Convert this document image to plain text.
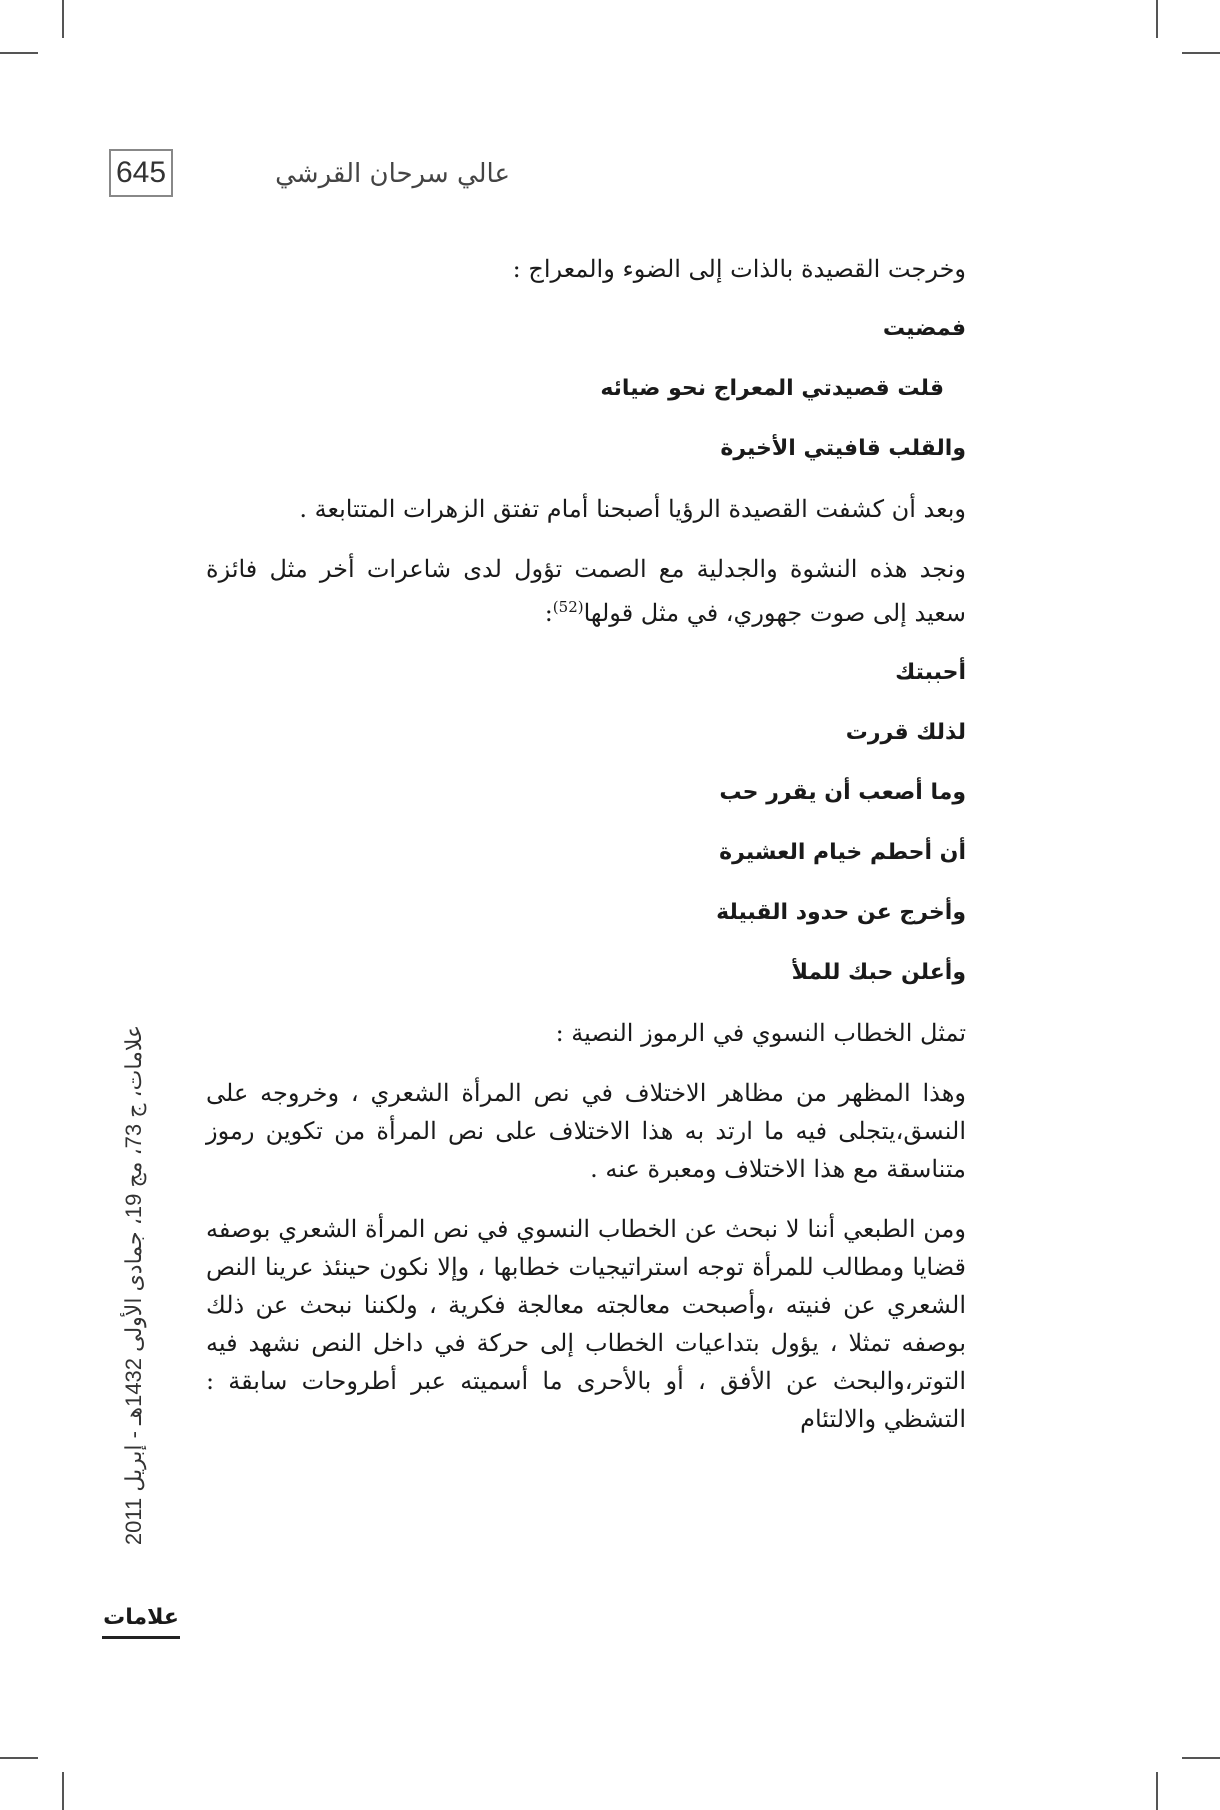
645	عالي سرحان القرشي

وخرجت القصيدة بالذات إلى الضوء والمعراج :

فمضيت

قلت قصيدتي المعراج نحو ضيائه

والقلب قافيتي الأخيرة

وبعد أن كشفت القصيدة الرؤيا أصبحنا أمام تفتق الزهرات المتتابعة .

ونجد هذه النشوة والجدلية مع الصمت تؤول لدى شاعرات أخر مثل فائزة سعيد إلى صوت جهوري، في مثل قولها$^{(52)}$:

أحببتك

لذلك قررت

وما أصعب أن يقرر حب

أن أحطم خيام العشيرة

وأخرج عن حدود القبيلة

وأعلن حبك للملأ

تمثل الخطاب النسوي في الرموز النصية :

وهذا المظهر من مظاهر الاختلاف في نص المرأة الشعري ، وخروجه على النسق،يتجلى فيه ما ارتد به هذا الاختلاف على نص المرأة من تكوين رموز متناسقة مع هذا الاختلاف ومعبرة عنه .

ومن الطبعي أننا لا نبحث عن الخطاب النسوي في نص المرأة الشعري بوصفه قضايا ومطالب للمرأة توجه استراتيجيات خطابها ، وإلا نكون حينئذ عرينا النص الشعري عن فنيته ،وأصبحت معالجته معالجة فكرية ، ولكننا نبحث عن ذلك بوصفه تمثلا ، يؤول بتداعيات الخطاب إلى حركة في داخل النص نشهد فيه التوتر،والبحث عن الأفق ، أو بالأحرى ما أسميته عبر أطروحات سابقة : التشظي والالتئام

علامات، ج 73، مج 19، جمادى الأولى 1432هـ - إبريل 2011
علامات
